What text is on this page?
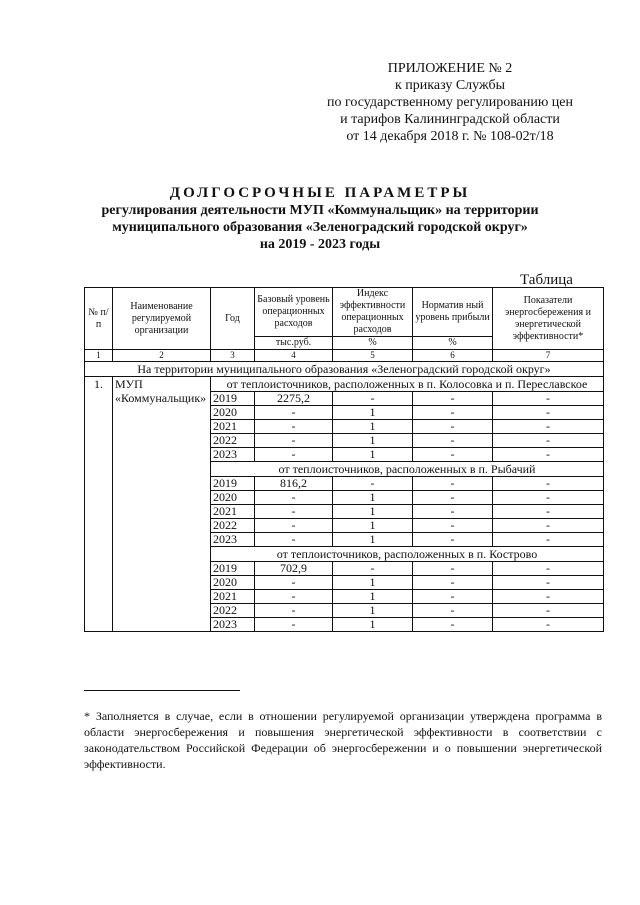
ПРИЛОЖЕНИЕ № 2
к приказу Службы
по государственному регулированию цен
и тарифов Калининградской области
от 14 декабря 2018 г. № 108-02т/18
ДОЛГОСРОЧНЫЕ ПАРАМЕТРЫ
регулирования деятельности МУП «Коммунальщик» на территории
муниципального образования «Зеленоградский городской округ»
на 2019 - 2023 годы
Таблица
№ п/п	Наименование регулируемой организации	Год	Базовый уровень операционных расходов	Индекс эффективности операционных расходов	Норматив ный уровень прибыли	Показатели энергосбережения и энергетической эффективности*
			тыс.руб.	%	%	
1	2	3	4	5	6	7
На территории муниципального образования «Зеленоградский городской округ»						
1.	МУП «Коммунальщик»	от теплоисточников, расположенных в п. Колосовка и п. Переславское				
		2019	2275,2	-	-	-
		2020	-	1	-	-
		2021	-	1	-	-
		2022	-	1	-	-
		2023	-	1	-	-
		от теплоисточников, расположенных в п. Рыбачий				
		2019	816,2	-	-	-
		2020	-	1	-	-
		2021	-	1	-	-
		2022	-	1	-	-
		2023	-	1	-	-
		от теплоисточников, расположенных в п. Кострово				
		2019	702,9	-	-	-
		2020	-	1	-	-
		2021	-	1	-	-
		2022	-	1	-	-
		2023	-	1	-	-
* Заполняется в случае, если в отношении регулируемой организации утверждена программа в области энергосбережения и повышения энергетической эффективности в соответствии с законодательством Российской Федерации об энергосбережении и о повышении энергетической эффективности.
